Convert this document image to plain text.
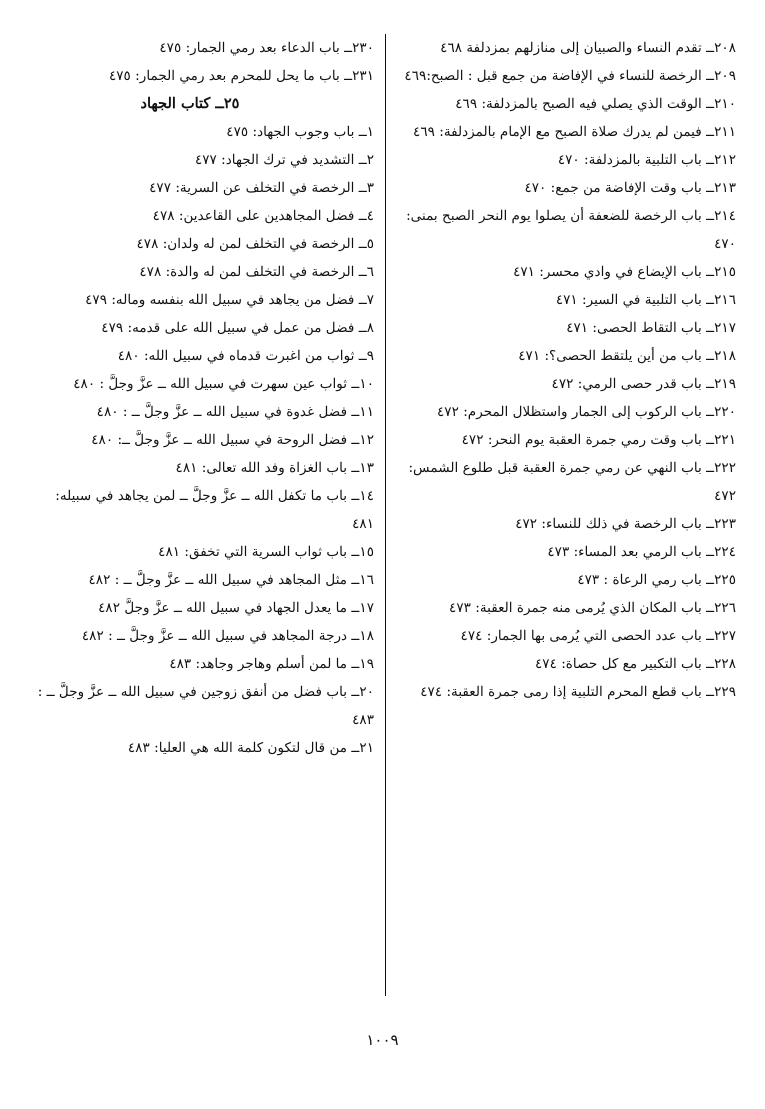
٢٠٨ــ تقدم النساء والصبيان إلى منازلهم بمزدلفة ٤٦٨
٢٠٩ــ الرخصة للنساء في الإفاضة من جمع قبل : الصبح:٤٦٩
٢١٠ــ الوقت الذي يصلي فيه الصبح بالمزدلفة: ٤٦٩
٢١١ــ فيمن لم يدرك صلاة الصبح مع الإمام بالمزدلفة: ٤٦٩
٢١٢ــ باب التلبية بالمزدلفة: ٤٧٠
٢١٣ــ باب وقت الإفاضة من جمع: ٤٧٠
٢١٤ــ باب الرخصة للضعفة أن يصلوا يوم النحر الصبح بمنى: ٤٧٠
٢١٥ــ باب الإيضاع في وادي محسر: ٤٧١
٢١٦ــ باب التلبية في السير: ٤٧١
٢١٧ــ باب التقاط الحصى: ٤٧١
٢١٨ــ باب من أين يلتقط الحصى؟: ٤٧١
٢١٩ــ باب قدر حصى الرمي: ٤٧٢
٢٢٠ــ باب الركوب إلى الجمار واستظلال المحرم: ٤٧٢
٢٢١ــ باب وقت رمي جمرة العقبة يوم النحر: ٤٧٢
٢٢٢ــ باب النهي عن رمي جمرة العقبة قبل طلوع الشمس: ٤٧٢
٢٢٣ــ باب الرخصة في ذلك للنساء: ٤٧٢
٢٢٤ــ باب الرمي بعد المساء: ٤٧٣
٢٢٥ــ باب رمي الرعاة : ٤٧٣
٢٢٦ــ باب المكان الذي يُرمى منه جمرة العقبة: ٤٧٣
٢٢٧ــ باب عدد الحصى التي يُرمى بها الجمار: ٤٧٤
٢٢٨ــ باب التكبير مع كل حصاة: ٤٧٤
٢٢٩ــ باب قطع المحرم التلبية إذا رمى جمرة العقبة: ٤٧٤
٢٣٠ــ باب الدعاء بعد رمي الجمار: ٤٧٥
٢٣١ــ باب ما يحل للمحرم بعد رمي الجمار: ٤٧٥
٢٥ــ كتاب الجهاد
١ــ باب وجوب الجهاد: ٤٧٥
٢ــ التشديد في ترك الجهاد: ٤٧٧
٣ــ الرخصة في التخلف عن السرية: ٤٧٧
٤ــ فضل المجاهدين على القاعدين: ٤٧٨
٥ــ الرخصة في التخلف لمن له ولدان: ٤٧٨
٦ــ الرخصة في التخلف لمن له والدة: ٤٧٨
٧ــ فضل من يجاهد في سبيل الله بنفسه وماله: ٤٧٩
٨ــ فضل من عمل في سبيل الله على قدمه: ٤٧٩
٩ــ ثواب من اغبرت قدماه في سبيل الله: ٤٨٠
١٠ــ ثواب عين سهرت في سبيل الله ــ عزَّ وجلَّ : ٤٨٠
١١ــ فضل غدوة في سبيل الله ــ عزَّ وجلَّ ــ : ٤٨٠
١٢ــ فضل الروحة في سبيل الله ــ عزَّ وجلَّ ــ: ٤٨٠
١٣ــ باب الغزاة وفد الله تعالى: ٤٨١
١٤ــ باب ما تكفل الله ــ عزَّ وجلَّ ــ لمن يجاهد في سبيله: ٤٨١
١٥ــ باب ثواب السرية التي تخفق: ٤٨١
١٦ــ مثل المجاهد في سبيل الله ــ عزَّ وجلَّ ــ : ٤٨٢
١٧ــ ما يعدل الجهاد في سبيل الله ــ عزَّ وجلَّ ٤٨٢
١٨ــ درجة المجاهد في سبيل الله ــ عزَّ وجلَّ ــ : ٤٨٢
١٩ــ ما لمن أسلم وهاجر وجاهد: ٤٨٣
٢٠ــ باب فضل من أنفق زوجين في سبيل الله ــ عزَّ وجلَّ ــ : ٤٨٣
٢١ــ من قال لتكون كلمة الله هي العليا: ٤٨٣
١٠٠٩
